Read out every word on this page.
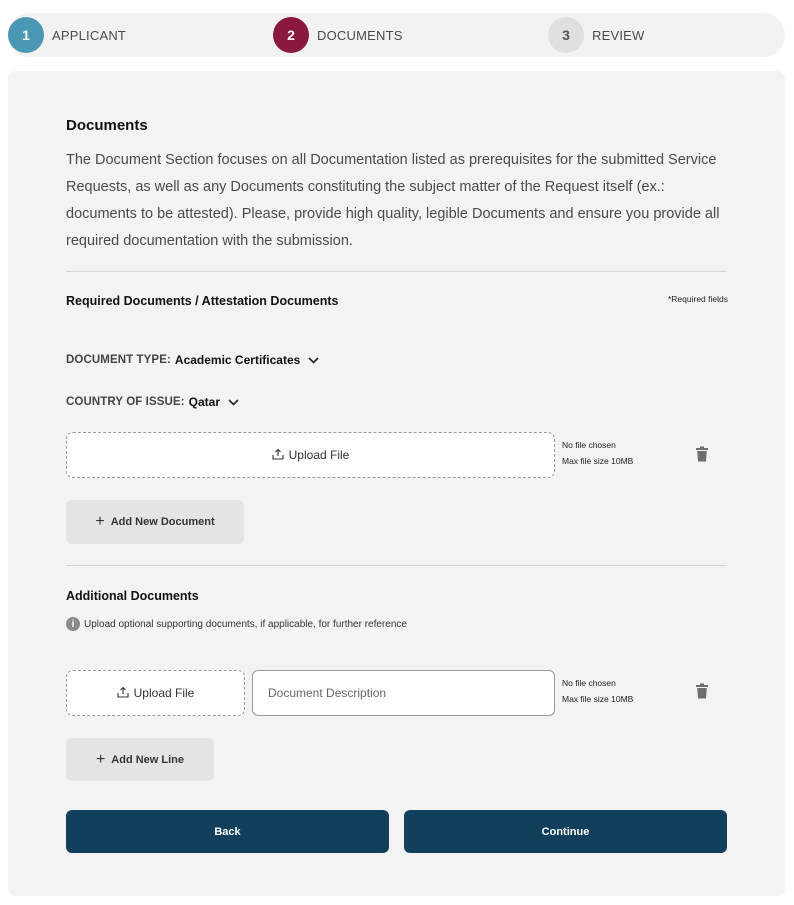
1	APPLICANT	2	DOCUMENTS	3	REVIEW
Documents

The Document Section focuses on all Documentation listed as prerequisites for the submitted Service Requests, as well as any Documents constituting the subject matter of the Request itself (ex.: documents to be attested). Please, provide high quality, legible Documents and ensure you provide all required documentation with the submission.

Required Documents / Attestation Documents	*Required fields
DOCUMENT TYPE: Academic Certificates
COUNTRY OF ISSUE: Qatar
Upload File
No file chosen
Max file size 10MB
+ Add New Document
Additional Documents
i Upload optional supporting documents, if applicable, for further reference
Upload File
Document Description
No file chosen
Max file size 10MB
+ Add New Line
Back	Continue
